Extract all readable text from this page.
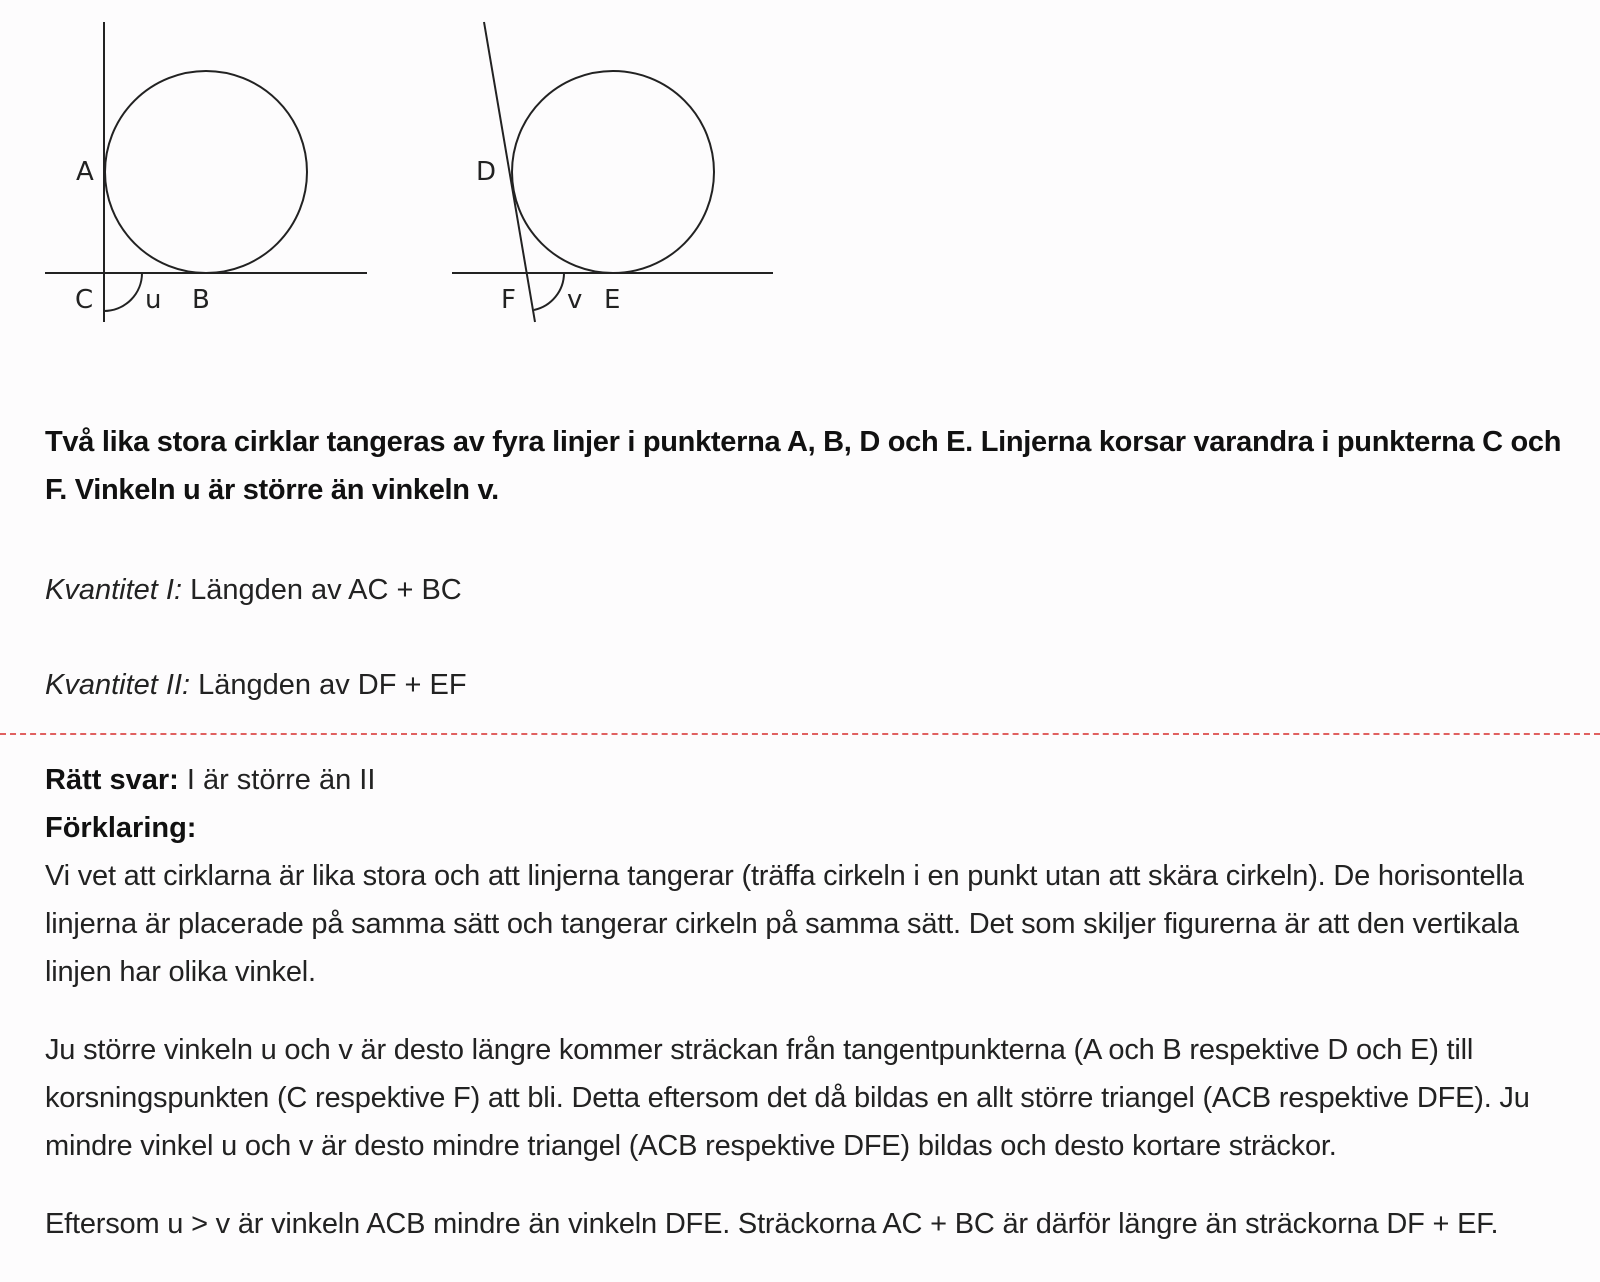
A
C u B
D
F v E

Två lika stora cirklar tangeras av fyra linjer i punkterna A, B, D och E. Linjerna korsar varandra i punkterna C och F. Vinkeln u är större än vinkeln v.

Kvantitet I: Längden av AC + BC

Kvantitet II: Längden av DF + EF

Rätt svar: I är större än II

Förklaring:

Vi vet att cirklarna är lika stora och att linjerna tangerar (träffa cirkeln i en punkt utan att skära cirkeln). De horisontella linjerna är placerade på samma sätt och tangerar cirkeln på samma sätt. Det som skiljer figurerna är att den vertikala linjen har olika vinkel.

Ju större vinkeln u och v är desto längre kommer sträckan från tangentpunkterna (A och B respektive D och E) till korsningspunkten (C respektive F) att bli. Detta eftersom det då bildas en allt större triangel (ACB respektive DFE). Ju mindre vinkel u och v är desto mindre triangel (ACB respektive DFE) bildas och desto kortare sträckor.

Eftersom u > v är vinkeln ACB mindre än vinkeln DFE. Sträckorna AC + BC är därför längre än sträckorna DF + EF.
